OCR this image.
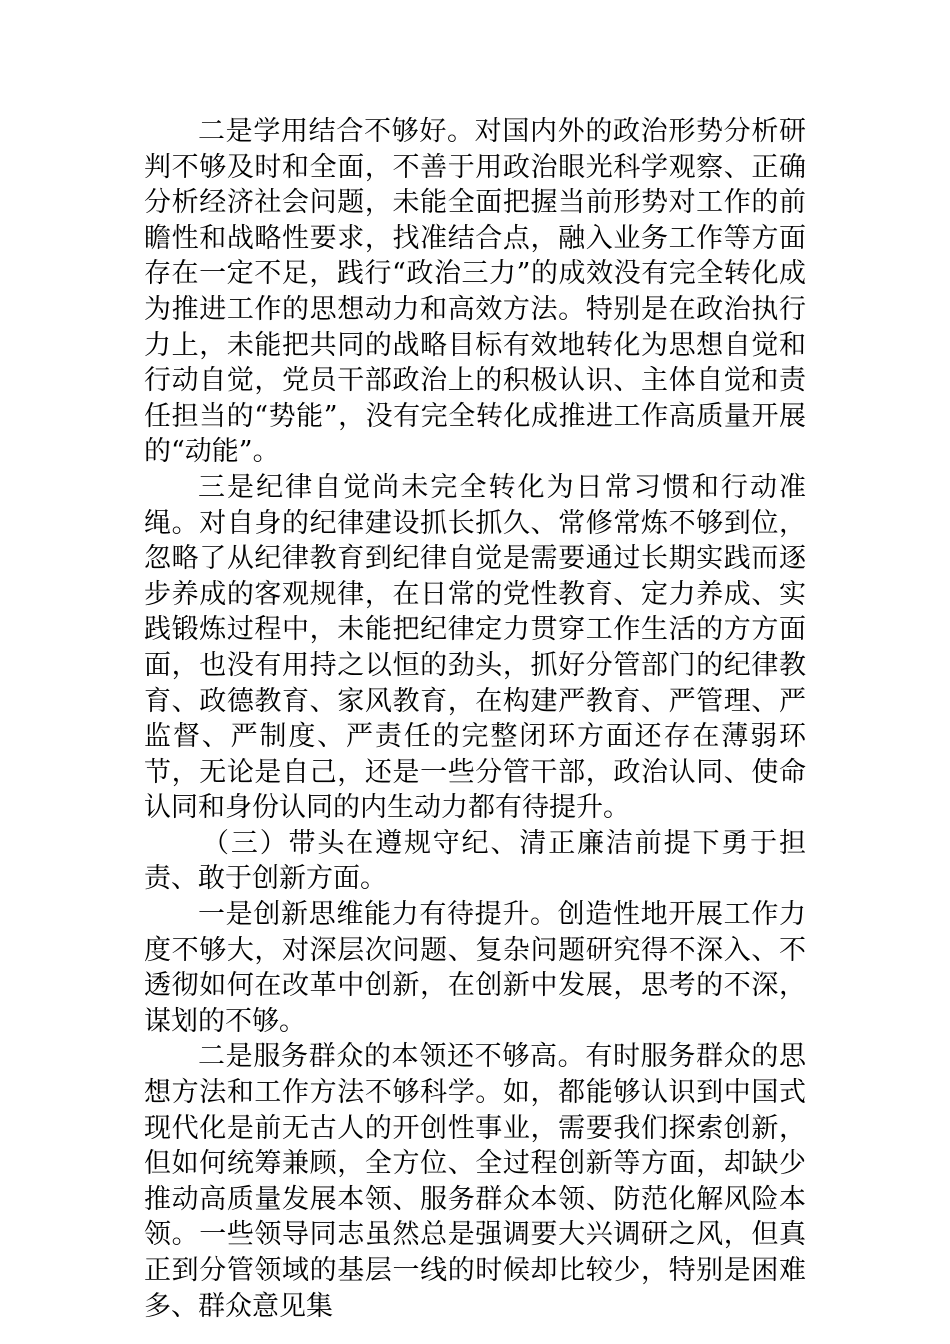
二是学用结合不够好。对国内外的政治形势分析研判不够及时和全面，不善于用政治眼光科学观察、正确分析经济社会问题，未能全面把握当前形势对工作的前瞻性和战略性要求，找准结合点，融入业务工作等方面存在一定不足，践行“政治三力”的成效没有完全转化成为推进工作的思想动力和高效方法。特别是在政治执行力上，未能把共同的战略目标有效地转化为思想自觉和行动自觉，党员干部政治上的积极认识、主体自觉和责任担当的“势能”，没有完全转化成推进工作高质量开展的“动能”。

三是纪律自觉尚未完全转化为日常习惯和行动准绳。对自身的纪律建设抓长抓久、常修常炼不够到位，忽略了从纪律教育到纪律自觉是需要通过长期实践而逐步养成的客观规律，在日常的党性教育、定力养成、实践锻炼过程中，未能把纪律定力贯穿工作生活的方方面面，也没有用持之以恒的劲头，抓好分管部门的纪律教育、政德教育、家风教育，在构建严教育、严管理、严监督、严制度、严责任的完整闭环方面还存在薄弱环节，无论是自己，还是一些分管干部，政治认同、使命认同和身份认同的内生动力都有待提升。

（三）带头在遵规守纪、清正廉洁前提下勇于担责、敢于创新方面。

一是创新思维能力有待提升。创造性地开展工作力度不够大，对深层次问题、复杂问题研究得不深入、不透彻如何在改革中创新，在创新中发展，思考的不深，谋划的不够。

二是服务群众的本领还不够高。有时服务群众的思想方法和工作方法不够科学。如，都能够认识到中国式现代化是前无古人的开创性事业，需要我们探索创新，但如何统筹兼顾，全方位、全过程创新等方面，却缺少推动高质量发展本领、服务群众本领、防范化解风险本领。一些领导同志虽然总是强调要大兴调研之风，但真正到分管领域的基层一线的时候却比较少，特别是困难多、群众意见集
